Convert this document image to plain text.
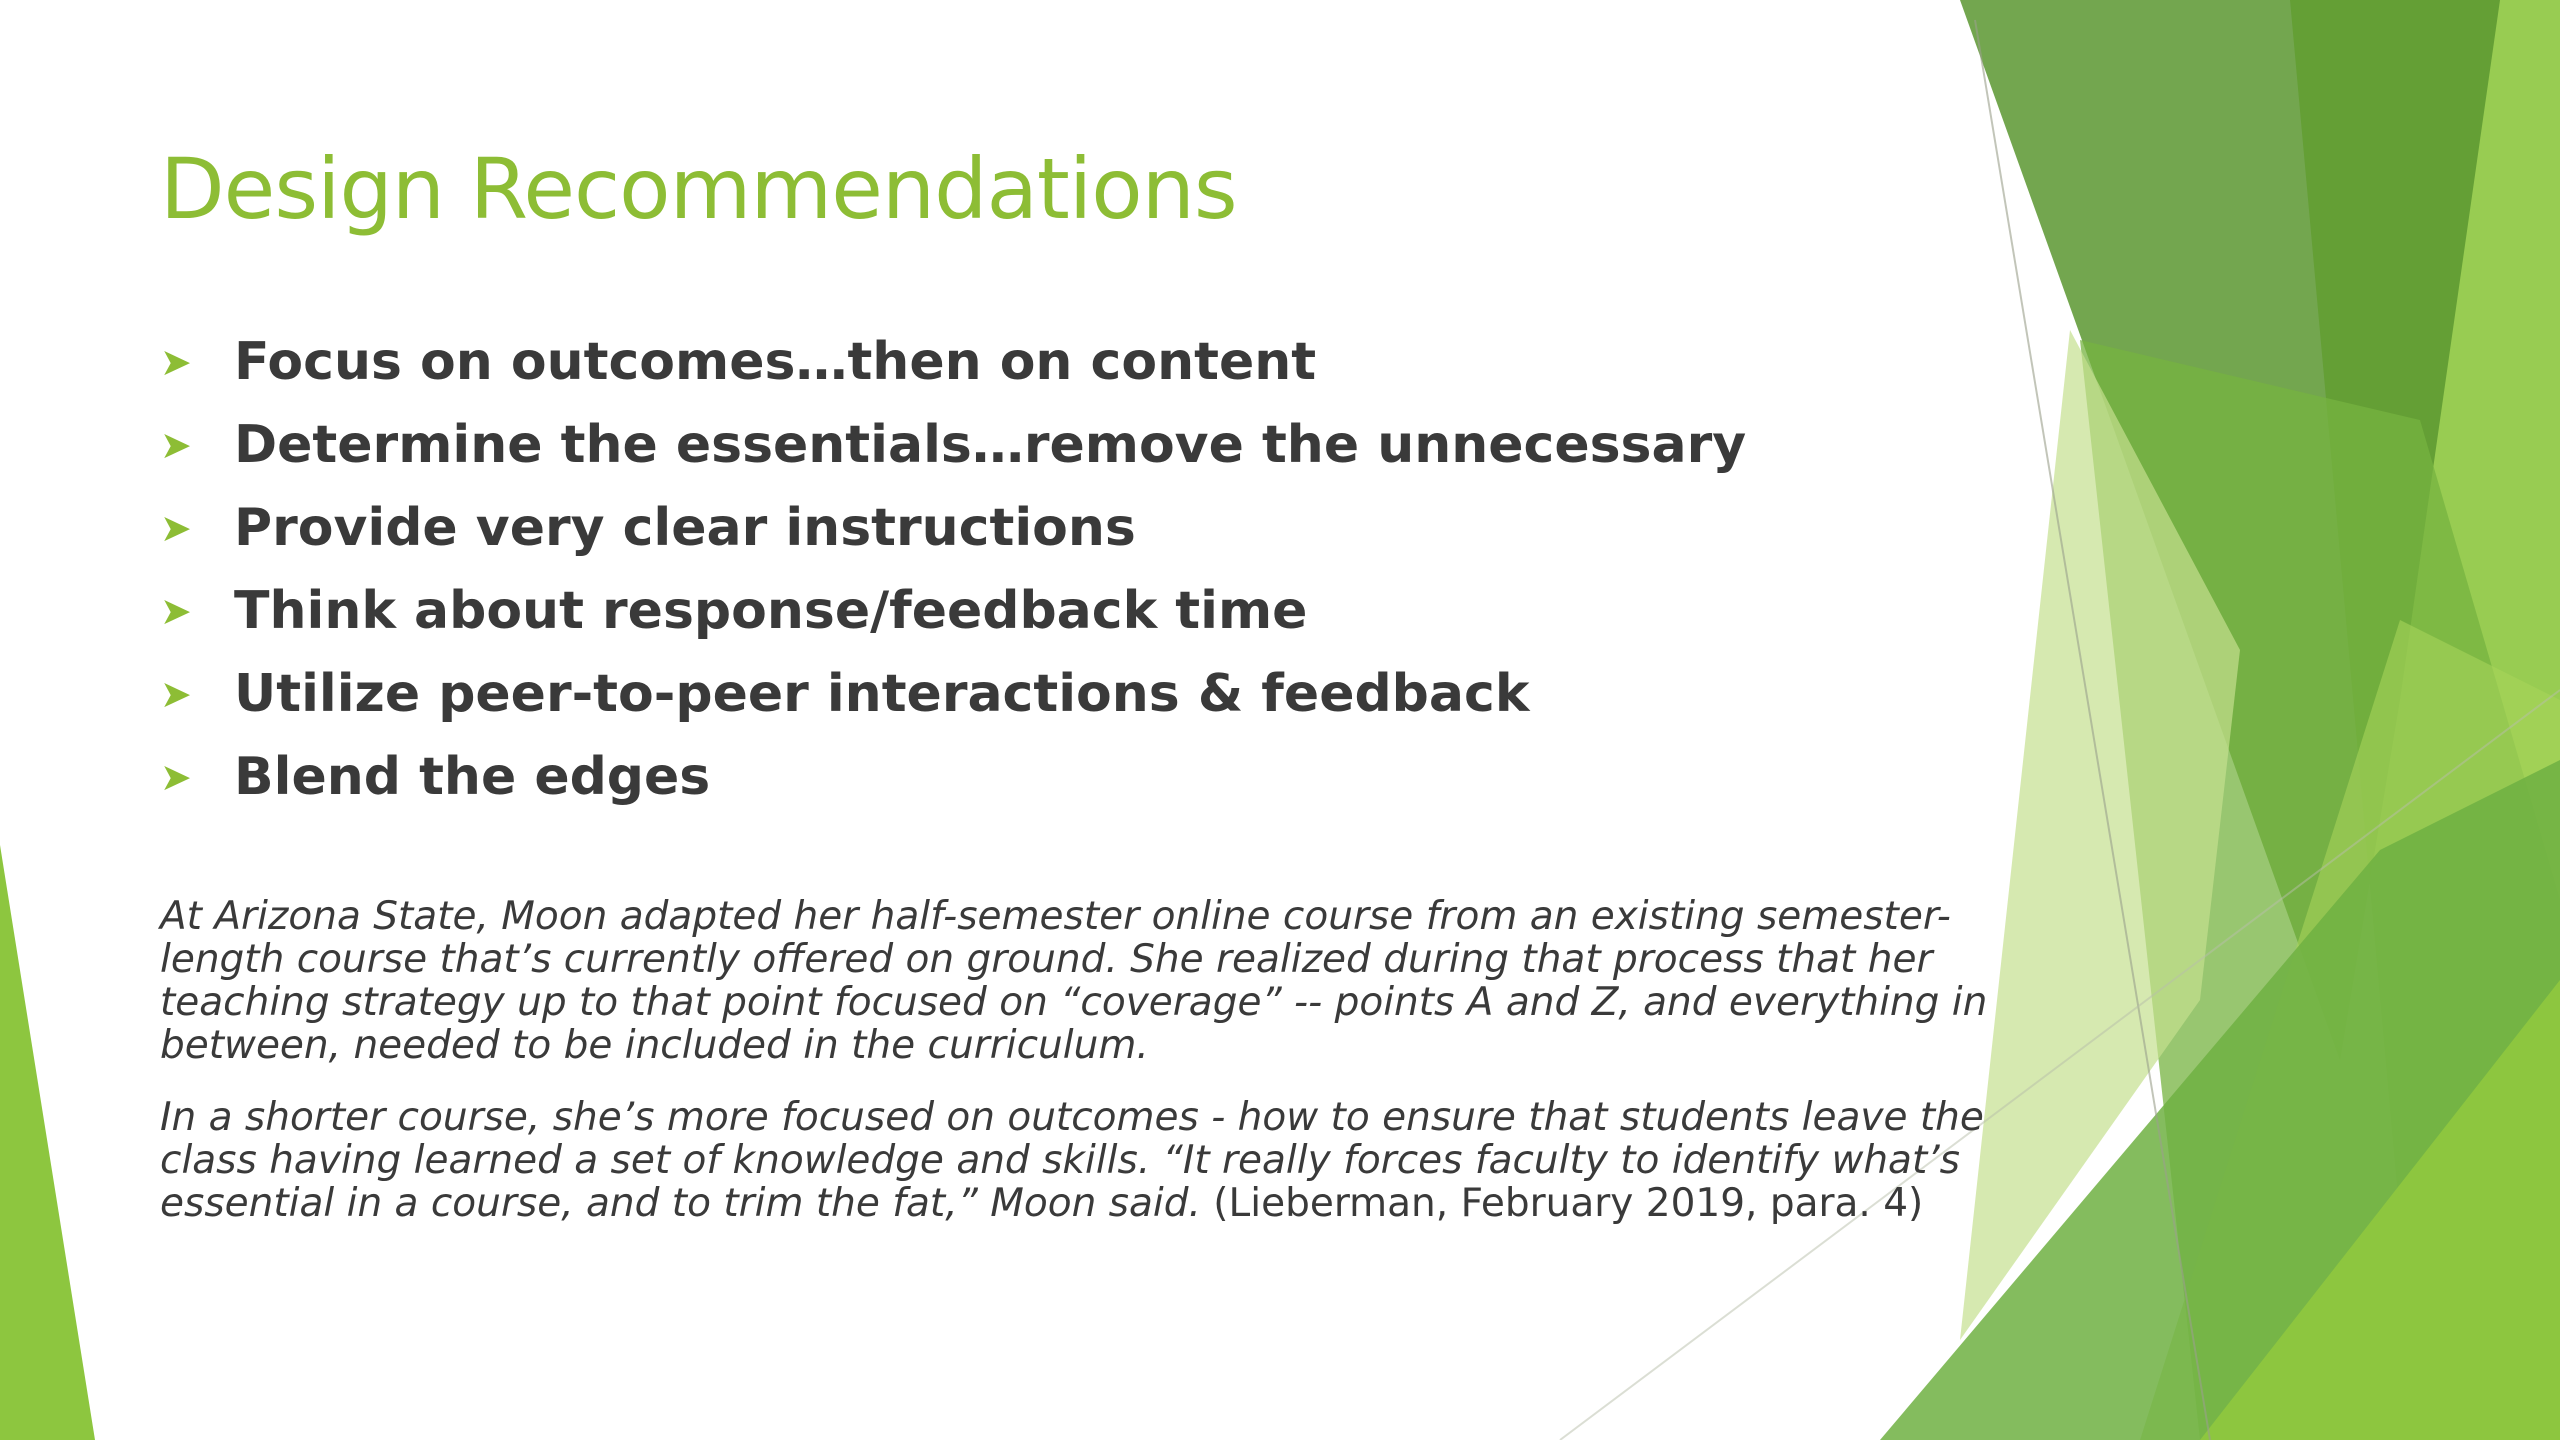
Design Recommendations
➤ Focus on outcomes…then on content
➤ Determine the essentials…remove the unnecessary
➤ Provide very clear instructions
➤ Think about response/feedback time
➤ Utilize peer-to-peer interactions & feedback
➤ Blend the edges

At Arizona State, Moon adapted her half-semester online course from an existing semester-length course that’s currently offered on ground. She realized during that process that her teaching strategy up to that point focused on “coverage” -- points A and Z, and everything in between, needed to be included in the curriculum.

In a shorter course, she’s more focused on outcomes - how to ensure that students leave the class having learned a set of knowledge and skills. “It really forces faculty to identify what’s essential in a course, and to trim the fat,” Moon said. (Lieberman, February 2019, para. 4)
